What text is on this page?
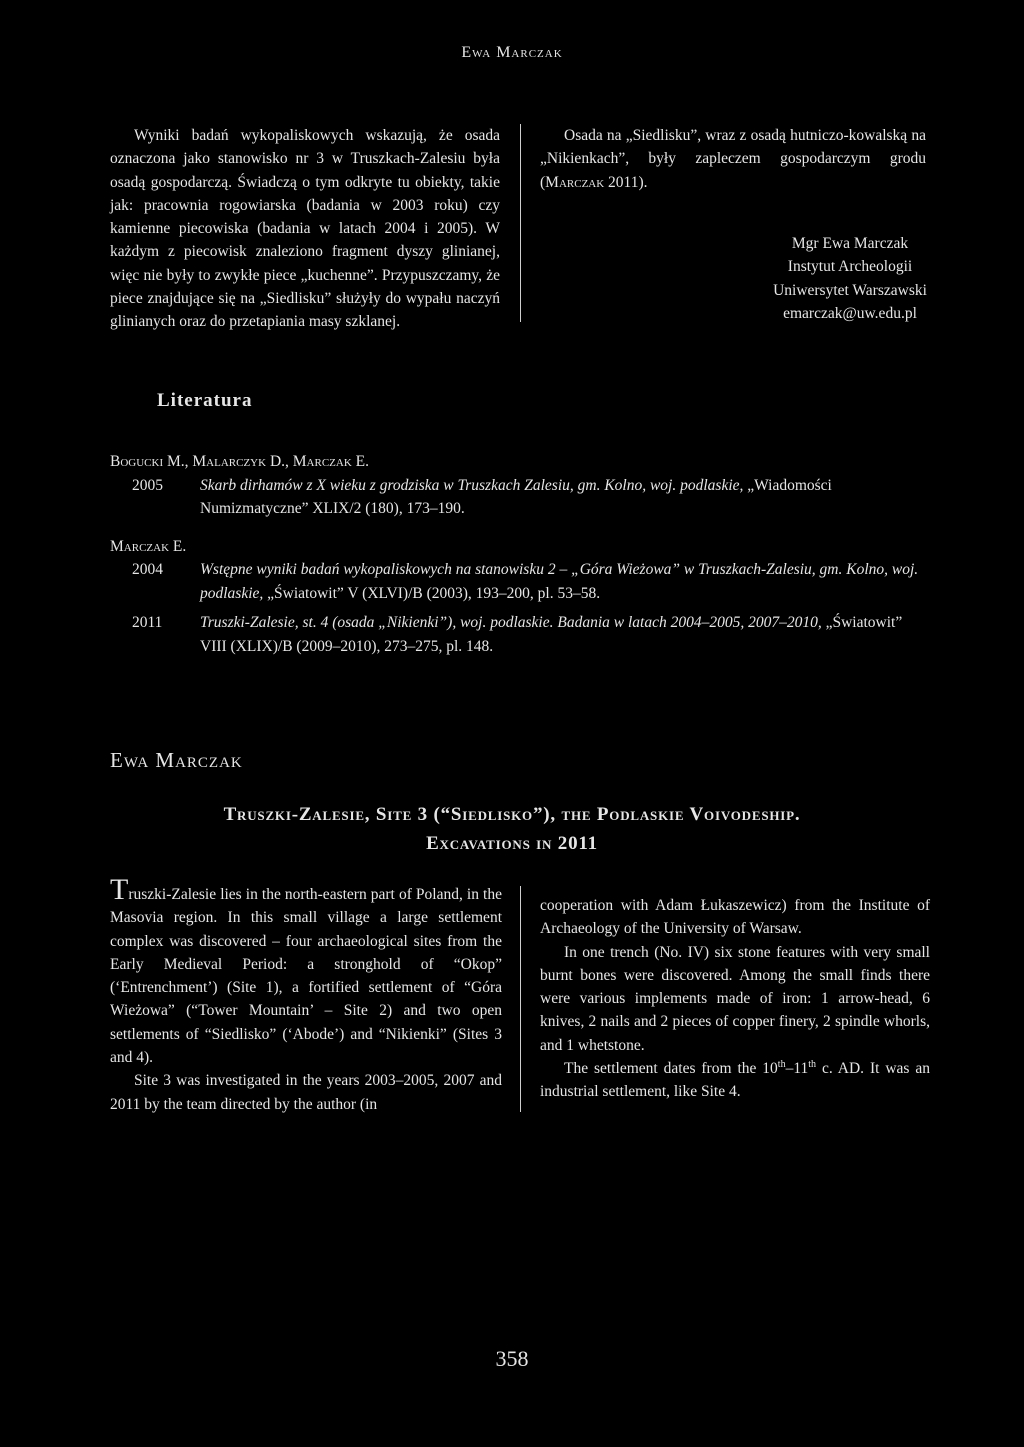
Ewa Marczak

Wyniki badań wykopaliskowych wskazują, że osada oznaczona jako stanowisko nr 3 w Truszkach-Zalesiu była osadą gospodarczą. Świadczą o tym odkryte tu obiekty, takie jak: pracownia rogowiarska (badania w 2003 roku) czy kamienne piecowiska (badania w latach 2004 i 2005). W każdym z piecowisk znaleziono fragment dyszy glinianej, więc nie były to zwykłe piece „kuchenne”. Przypuszczamy, że piece znajdujące się na „Siedlisku” służyły do wypału naczyń glinianych oraz do przetapiania masy szklanej.

Osada na „Siedlisku”, wraz z osadą hutniczo-kowalską na „Nikienkach”, były zapleczem gospodarczym grodu (Marczak 2011).

Mgr Ewa Marczak
Instytut Archeologii
Uniwersytet Warszawski
emarczak@uw.edu.pl
Literatura
Bogucki M., Malarczyk D., Marczak E.
2005	Skarb dirhamów z X wieku z grodziska w Truszkach Zalesiu, gm. Kolno, woj. podlaskie, „Wiadomości Numizmatyczne” XLIX/2 (180), 173–190.
Marczak E.
2004	Wstępne wyniki badań wykopaliskowych na stanowisku 2 – „Góra Wieżowa” w Truszkach-Zalesiu, gm. Kolno, woj. podlaskie, „Światowit” V (XLVI)/B (2003), 193–200, pl. 53–58.
2011	Truszki-Zalesie, st. 4 (osada „Nikienki”), woj. podlaskie. Badania w latach 2004–2005, 2007–2010, „Światowit” VIII (XLIX)/B (2009–2010), 273–275, pl. 148.
Ewa Marczak
Truszki-Zalesie, Site 3 (“Siedlisko”), the Podlaskie Voivodeship.
Excavations in 2011

Truszki-Zalesie lies in the north-eastern part of Poland, in the Masovia region. In this small village a large settlement complex was discovered – four archaeological sites from the Early Medieval Period: a stronghold of “Okop” (‘Entrenchment’) (Site 1), a fortified settlement of “Góra Wieżowa” (“Tower Mountain’ – Site 2) and two open settlements of “Siedlisko” (‘Abode’) and “Nikienki” (Sites 3 and 4).

Site 3 was investigated in the years 2003–2005, 2007 and 2011 by the team directed by the author (in

cooperation with Adam Łukaszewicz) from the Institute of Archaeology of the University of Warsaw.

In one trench (No. IV) six stone features with very small burnt bones were discovered. Among the small finds there were various implements made of iron: 1 arrow-head, 6 knives, 2 nails and 2 pieces of copper finery, 2 spindle whorls, and 1 whetstone.

The settlement dates from the 10th–11th c. AD. It was an industrial settlement, like Site 4.

358
